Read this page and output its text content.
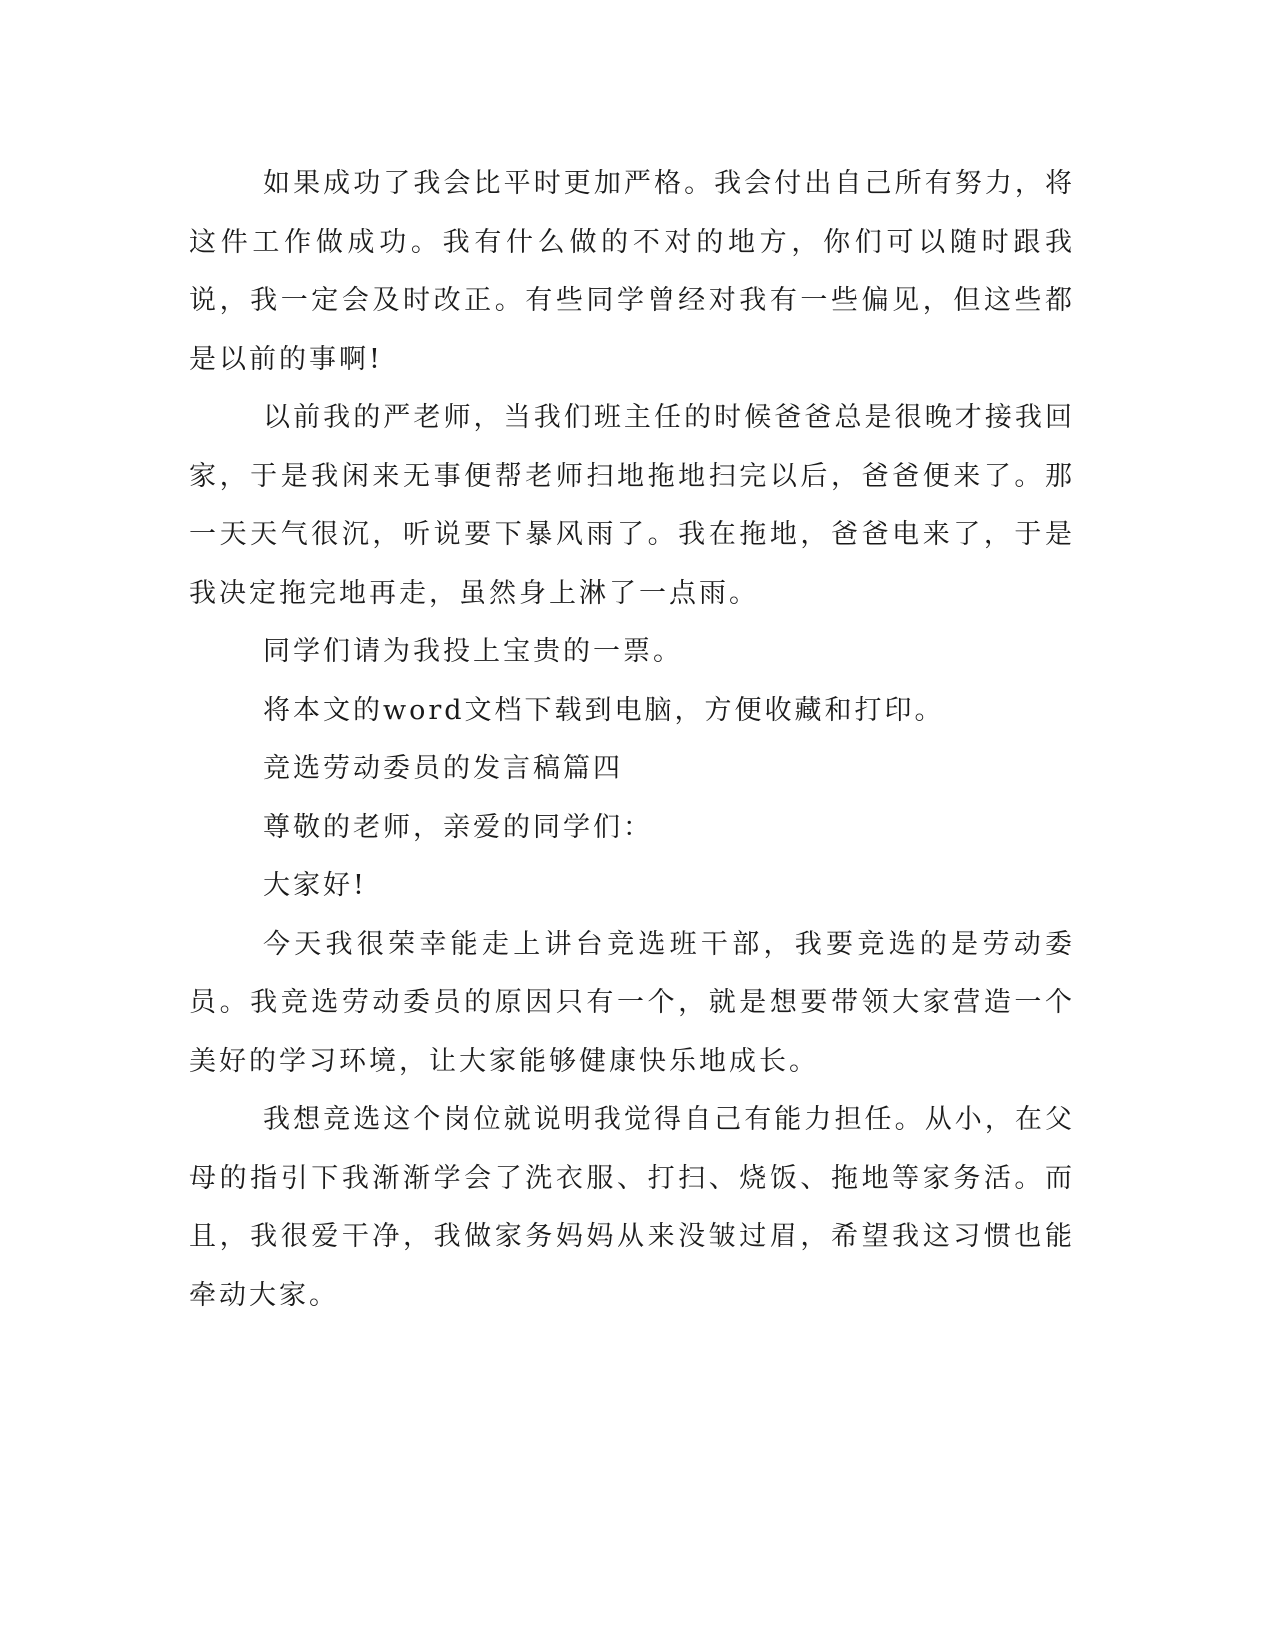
如果成功了我会比平时更加严格。我会付出自己所有努力，将这件工作做成功。我有什么做的不对的地方，你们可以随时跟我说，我一定会及时改正。有些同学曾经对我有一些偏见，但这些都是以前的事啊!

以前我的严老师，当我们班主任的时候爸爸总是很晚才接我回家，于是我闲来无事便帮老师扫地拖地扫完以后，爸爸便来了。那一天天气很沉，听说要下暴风雨了。我在拖地，爸爸电来了，于是我决定拖完地再走，虽然身上淋了一点雨。

同学们请为我投上宝贵的一票。

将本文的word文档下载到电脑，方便收藏和打印。

竞选劳动委员的发言稿篇四

尊敬的老师，亲爱的同学们：

大家好!

今天我很荣幸能走上讲台竞选班干部，我要竞选的是劳动委员。我竞选劳动委员的原因只有一个，就是想要带领大家营造一个美好的学习环境，让大家能够健康快乐地成长。

我想竞选这个岗位就说明我觉得自己有能力担任。从小，在父母的指引下我渐渐学会了洗衣服、打扫、烧饭、拖地等家务活。而且，我很爱干净，我做家务妈妈从来没皱过眉，希望我这习惯也能牵动大家。
